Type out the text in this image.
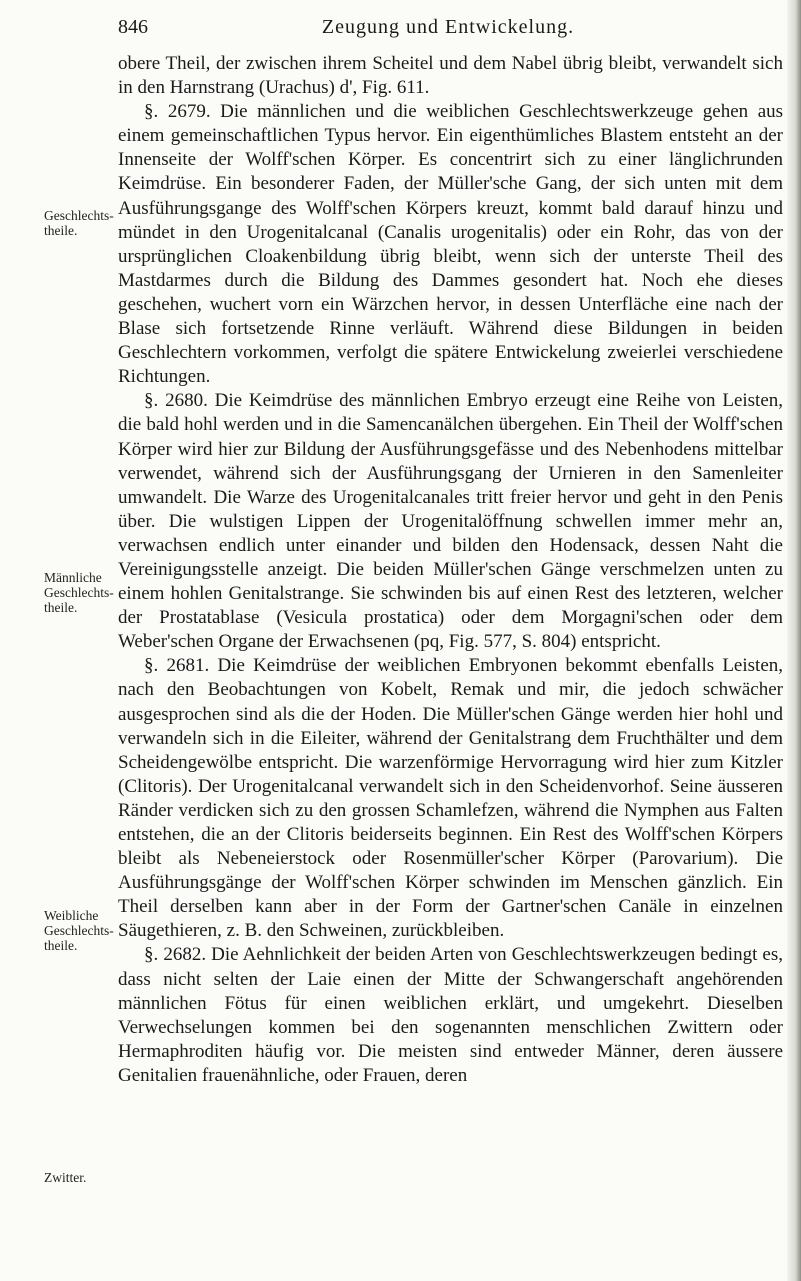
846	Zeugung und Entwickelung.
Geschlechts-theile.
Männliche Geschlechts-theile.
Weibliche Geschlechts-theile.
Zwitter.

obere Theil, der zwischen ihrem Scheitel und dem Nabel übrig bleibt, verwandelt sich in den Harnstrang (Urachus) d', Fig. 611.

§. 2679. Die männlichen und die weiblichen Geschlechtswerkzeuge gehen aus einem gemeinschaftlichen Typus hervor. Ein eigenthümliches Blastem entsteht an der Innenseite der Wolff'schen Körper. Es concentrirt sich zu einer länglichrunden Keimdrüse. Ein besonderer Faden, der Müller'sche Gang, der sich unten mit dem Ausführungsgange des Wolff'schen Körpers kreuzt, kommt bald darauf hinzu und mündet in den Urogenitalcanal (Canalis urogenitalis) oder ein Rohr, das von der ursprünglichen Cloakenbildung übrig bleibt, wenn sich der unterste Theil des Mastdarmes durch die Bildung des Dammes gesondert hat. Noch ehe dieses geschehen, wuchert vorn ein Wärzchen hervor, in dessen Unterfläche eine nach der Blase sich fortsetzende Rinne verläuft. Während diese Bildungen in beiden Geschlechtern vorkommen, verfolgt die spätere Entwickelung zweierlei verschiedene Richtungen.

§. 2680. Die Keimdrüse des männlichen Embryo erzeugt eine Reihe von Leisten, die bald hohl werden und in die Samencanälchen übergehen. Ein Theil der Wolff'schen Körper wird hier zur Bildung der Ausführungsgefässe und des Nebenhodens mittelbar verwendet, während sich der Ausführungsgang der Urnieren in den Samenleiter umwandelt. Die Warze des Urogenitalcanales tritt freier hervor und geht in den Penis über. Die wulstigen Lippen der Urogenitalöffnung schwellen immer mehr an, verwachsen endlich unter einander und bilden den Hodensack, dessen Naht die Vereinigungsstelle anzeigt. Die beiden Müller'schen Gänge verschmelzen unten zu einem hohlen Genitalstrange. Sie schwinden bis auf einen Rest des letzteren, welcher der Prostatablase (Vesicula prostatica) oder dem Morgagni'schen oder dem Weber'schen Organe der Erwachsenen (pq, Fig. 577, S. 804) entspricht.

§. 2681. Die Keimdrüse der weiblichen Embryonen bekommt ebenfalls Leisten, nach den Beobachtungen von Kobelt, Remak und mir, die jedoch schwächer ausgesprochen sind als die der Hoden. Die Müller'schen Gänge werden hier hohl und verwandeln sich in die Eileiter, während der Genitalstrang dem Fruchthälter und dem Scheidengewölbe entspricht. Die warzenförmige Hervorragung wird hier zum Kitzler (Clitoris). Der Urogenitalcanal verwandelt sich in den Scheidenvorhof. Seine äusseren Ränder verdicken sich zu den grossen Schamlefzen, während die Nymphen aus Falten entstehen, die an der Clitoris beiderseits beginnen. Ein Rest des Wolff'schen Körpers bleibt als Nebeneierstock oder Rosenmüller'scher Körper (Parovarium). Die Ausführungsgänge der Wolff'schen Körper schwinden im Menschen gänzlich. Ein Theil derselben kann aber in der Form der Gartner'schen Canäle in einzelnen Säugethieren, z. B. den Schweinen, zurückbleiben.

§. 2682. Die Aehnlichkeit der beiden Arten von Geschlechtswerkzeugen bedingt es, dass nicht selten der Laie einen der Mitte der Schwangerschaft angehörenden männlichen Fötus für einen weiblichen erklärt, und umgekehrt. Dieselben Verwechselungen kommen bei den sogenannten menschlichen Zwittern oder Hermaphroditen häufig vor. Die meisten sind entweder Männer, deren äussere Genitalien frauenähnliche, oder Frauen, deren
